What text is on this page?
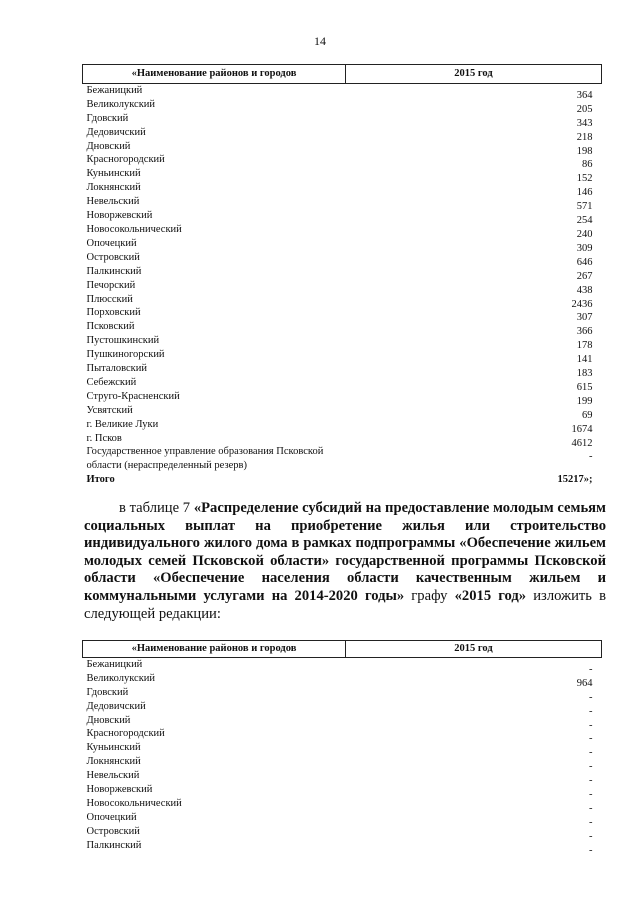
14
«Наименование районов и городов	2015 год
Бежаницкий	364
Великолукский	205
Гдовский	343
Дедовичский	218
Дновский	198
Красногородский	86
Куньинский	152
Локнянский	146
Невельский	571
Новоржевский	254
Новосокольнический	240
Опочецкий	309
Островский	646
Палкинский	267
Печорский	438
Плюсский	2436
Порховский	307
Псковский	366
Пустошкинский	178
Пушкиногорский	141
Пыталовский	183
Себежский	615
Струго-Красненский	199
Усвятский	69
г. Великие Луки	1674
г. Псков	4612
Государственное управление образования Псковской области (нераспределенный резерв)	-
Итого	15217»;
в таблице 7 «Распределение субсидий на предоставление молодым семьям социальных выплат на приобретение жилья или строительство индивидуального жилого дома в рамках подпрограммы «Обеспечение жильем молодых семей Псковской области» государственной программы Псковской области «Обеспечение населения области качественным жильем и коммунальными услугами на 2014-2020 годы» графу «2015 год» изложить в следующей редакции:
«Наименование районов и городов	2015 год
Бежаницкий	-
Великолукский	964
Гдовский	-
Дедовичский	-
Дновский	-
Красногородский	-
Куньинский	-
Локнянский	-
Невельский	-
Новоржевский	-
Новосокольнический	-
Опочецкий	-
Островский	-
Палкинский	-
